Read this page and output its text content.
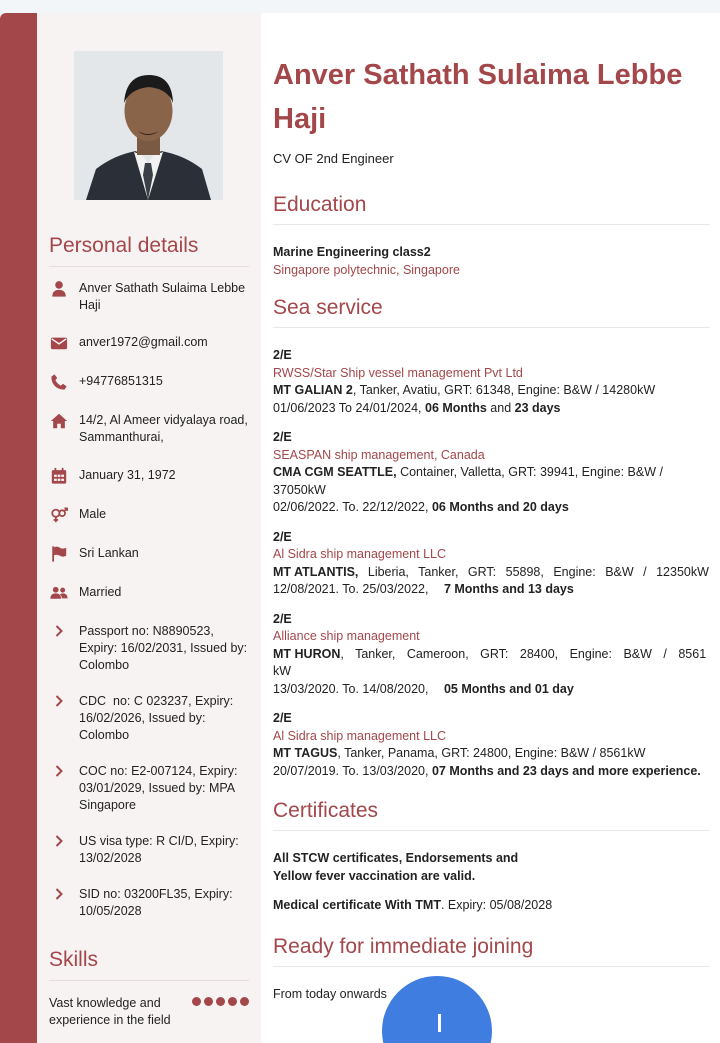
Personal details
Anver Sathath Sulaima Lebbe Haji
anver1972@gmail.com
+94776851315
14/2, Al Ameer vidyalaya road, Sammanthurai,
January 31, 1972
Male
Sri Lankan
Married
Passport no: N8890523, Expiry: 16/02/2031, Issued by: Colombo
CDC  no: C 023237, Expiry: 16/02/2026, Issued by: Colombo
COC no: E2-007124, Expiry: 03/01/2029, Issued by: MPA Singapore
US visa type: R CI/D, Expiry: 13/02/2028
SID no: 03200FL35, Expiry: 10/05/2028
Skills
Vast knowledge and experience in the field
Anver Sathath Sulaima Lebbe Haji
CV OF 2nd Engineer
Education
Marine Engineering class2
Singapore polytechnic, Singapore
Sea service
2/E
RWSS/Star Ship vessel management Pvt Ltd
MT GALIAN 2, Tanker, Avatiu, GRT: 61348, Engine: B&W / 14280kW
01/06/2023 To 24/01/2024, 06 Months and 23 days
2/E
SEASPAN ship management, Canada
CMA CGM SEATTLE, Container, Valletta, GRT: 39941, Engine: B&W / 37050kW
02/06/2022. To. 22/12/2022, 06 Months and 20 days
2/E
Al Sidra ship management LLC
MT ATLANTIS, Liberia, Tanker, GRT: 55898, Engine: B&W / 12350kW
12/08/2021. To. 25/03/2022, 7 Months and 13 days
2/E
Alliance ship management
MT HURON, Tanker, Cameroon, GRT: 28400, Engine: B&W / 8561 kW
13/03/2020. To. 14/08/2020, 05 Months and 01 day
2/E
Al Sidra ship management LLC
MT TAGUS, Tanker, Panama, GRT: 24800, Engine: B&W / 8561kW
20/07/2019. To. 13/03/2020, 07 Months and 23 days and more experience.
Certificates
All STCW certificates, Endorsements and
Yellow fever vaccination are valid.
Medical certificate With TMT. Expiry: 05/08/2028
Ready for immediate joining
From today onwards
